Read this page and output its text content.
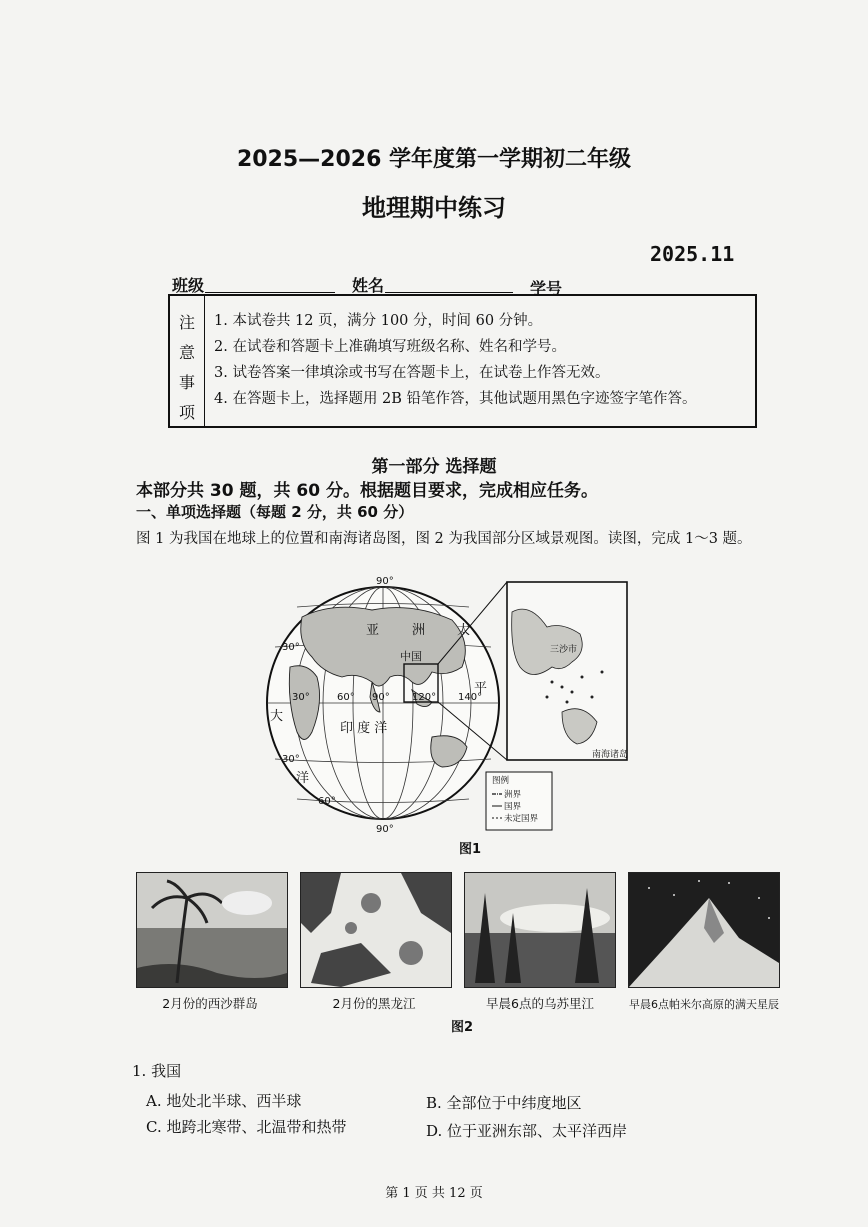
2025—2026 学年度第一学期初二年级
地理期中练习
2025.11
班级	姓名	学号
注
意
事
项
1. 本试卷共 12 页，满分 100 分，时间 60 分钟。
2. 在试卷和答题卡上准确填写班级名称、姓名和学号。
3. 试卷答案一律填涂或书写在答题卡上，在试卷上作答无效。
4. 在答题卡上，选择题用 2B 铅笔作答，其他试题用黑色字迹签字笔作答。
第一部分 选择题
本部分共 30 题，共 60 分。根据题目要求，完成相应任务。
一、单项选择题（每题 2 分，共 60 分）
图 1 为我国在地球上的位置和南海诸岛图，图 2 为我国部分区域景观图。读图，完成 1～3 题。
90°
90°
30°
30°
60°
30°	60° 90° 120° 140°
亚	洲
中国
太
平
大
洋
印 度 洋
三沙市
南海诸岛
图例
洲界
国界
未定国界
图1
2月份的西沙群岛	2月份的黑龙江	早晨6点的乌苏里江	早晨6点帕米尔高原的满天星辰
图2
1. 我国
A. 地处北半球、西半球	B. 全部位于中纬度地区
C. 地跨北寒带、北温带和热带	D. 位于亚洲东部、太平洋西岸
第 1 页 共 12 页
